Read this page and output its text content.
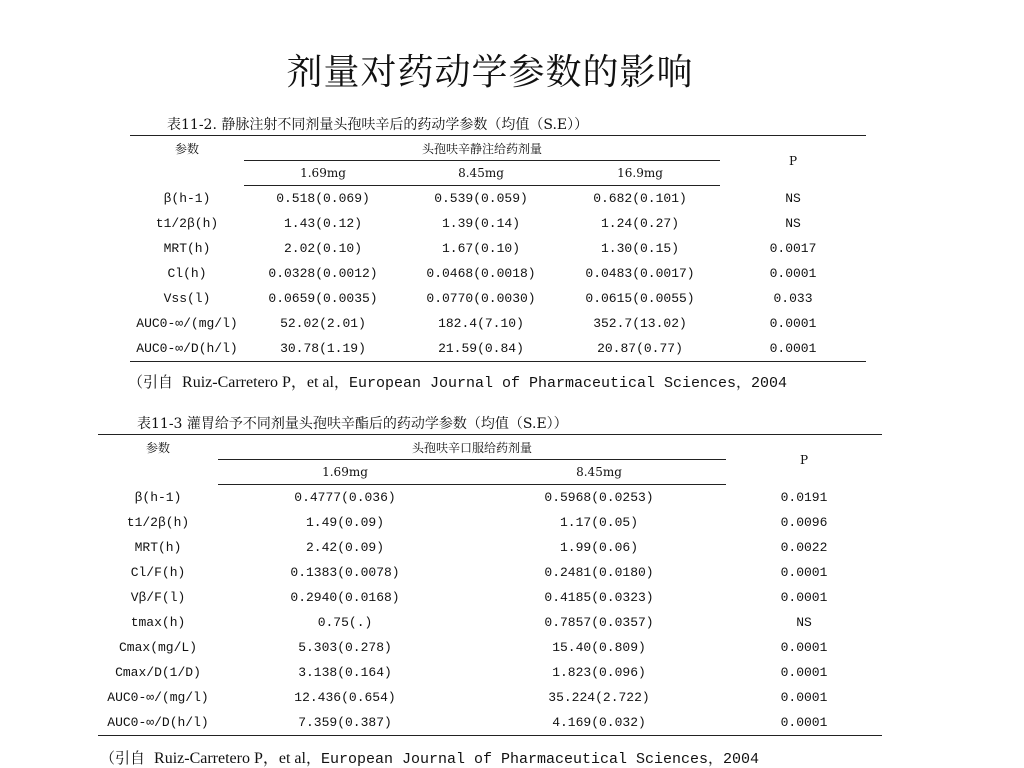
剂量对药动学参数的影响
表11-2. 静脉注射不同剂量头孢呋辛后的药动学参数（均值（S.E））
参数	头孢呋辛静注给药剂量			P
	1.69mg	8.45mg	16.9mg	
β(h-1)	0.518(0.069)	0.539(0.059)	0.682(0.101)	NS
t1/2β(h)	1.43(0.12)	1.39(0.14)	1.24(0.27)	NS
MRT(h)	2.02(0.10)	1.67(0.10)	1.30(0.15)	0.0017
Cl(h)	0.0328(0.0012)	0.0468(0.0018)	0.0483(0.0017)	0.0001
Vss(l)	0.0659(0.0035)	0.0770(0.0030)	0.0615(0.0055)	0.033
AUC0-∞/(mg/l)	52.02(2.01)	182.4(7.10)	352.7(13.02)	0.0001
AUC0-∞/D(h/l)	30.78(1.19)	21.59(0.84)	20.87(0.77)	0.0001
（引自 Ruiz-Carretero P，et al，European Journal of Pharmaceutical Sciences，2004
表11-3 灌胃给予不同剂量头孢呋辛酯后的药动学参数（均值（S.E））
参数	头孢呋辛口服给药剂量		P
	1.69mg	8.45mg	
β(h-1)	0.4777(0.036)	0.5968(0.0253)	0.0191
t1/2β(h)	1.49(0.09)	1.17(0.05)	0.0096
MRT(h)	2.42(0.09)	1.99(0.06)	0.0022
Cl/F(h)	0.1383(0.0078)	0.2481(0.0180)	0.0001
Vβ/F(l)	0.2940(0.0168)	0.4185(0.0323)	0.0001
tmax(h)	0.75(.)	0.7857(0.0357)	NS
Cmax(mg/L)	5.303(0.278)	15.40(0.809)	0.0001
Cmax/D(1/D)	3.138(0.164)	1.823(0.096)	0.0001
AUC0-∞/(mg/l)	12.436(0.654)	35.224(2.722)	0.0001
AUC0-∞/D(h/l)	7.359(0.387)	4.169(0.032)	0.0001
（引自 Ruiz-Carretero P，et al，European Journal of Pharmaceutical Sciences，2004
